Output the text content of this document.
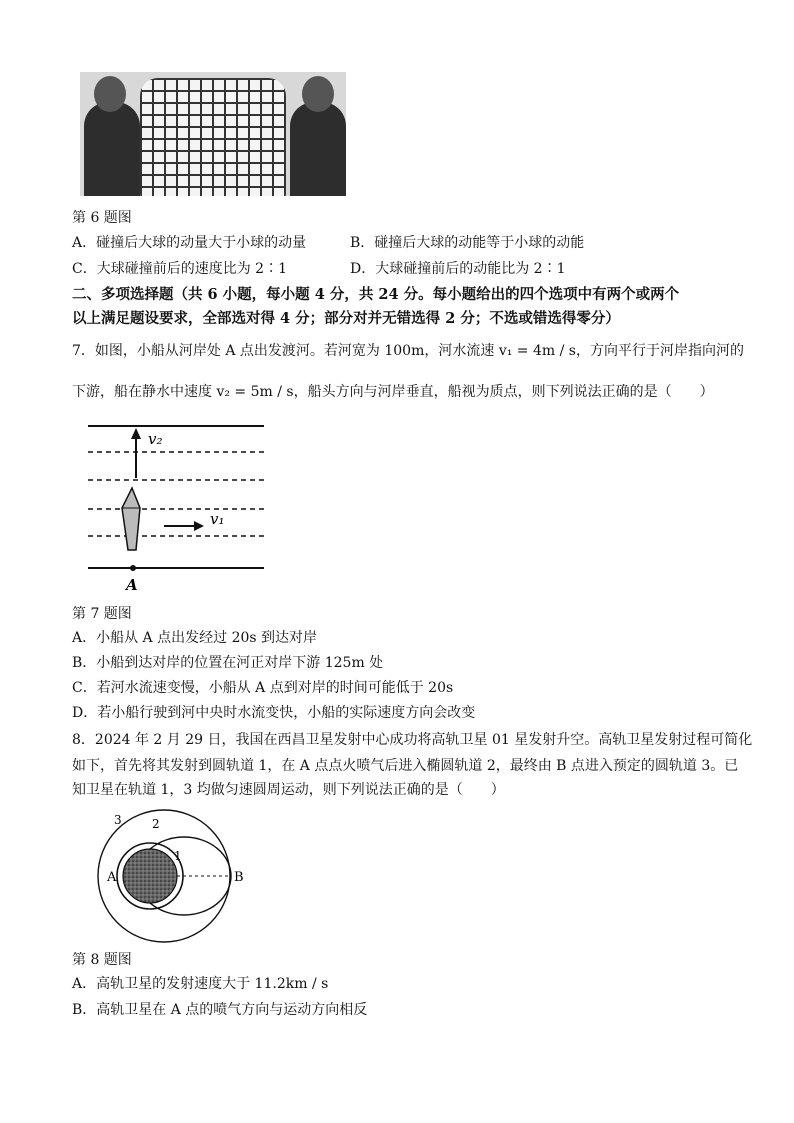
第 6 题图
A．碰撞后大球的动量大于小球的动量	B．碰撞后大球的动能等于小球的动能
C．大球碰撞前后的速度比为 2∶1	D．大球碰撞前后的动能比为 2∶1
二、多项选择题（共 6 小题，每小题 4 分，共 24 分。每小题给出的四个选项中有两个或两个
以上满足题设要求，全部选对得 4 分；部分对并无错选得 2 分；不选或错选得零分）
7．如图，小船从河岸处 A 点出发渡河。若河宽为 100m，河水流速 v₁ = 4m / s，方向平行于河岸指向河的
下游，船在静水中速度 v₂ = 5m / s，船头方向与河岸垂直，船视为质点，则下列说法正确的是（　　）
v₂
v₁
A
第 7 题图
A．小船从 A 点出发经过 20s 到达对岸
B．小船到达对岸的位置在河正对岸下游 125m 处
C．若河水流速变慢，小船从 A 点到对岸的时间可能低于 20s
D．若小船行驶到河中央时水流变快，小船的实际速度方向会改变
8．2024 年 2 月 29 日，我国在西昌卫星发射中心成功将高轨卫星 01 星发射升空。高轨卫星发射过程可简化
如下，首先将其发射到圆轨道 1，在 A 点点火喷气后进入椭圆轨道 2，最终由 B 点进入预定的圆轨道 3。已
知卫星在轨道 1，3 均做匀速圆周运动，则下列说法正确的是（　　）
A	B
1
2
3
第 8 题图
A．高轨卫星的发射速度大于 11.2km / s
B．高轨卫星在 A 点的喷气方向与运动方向相反
